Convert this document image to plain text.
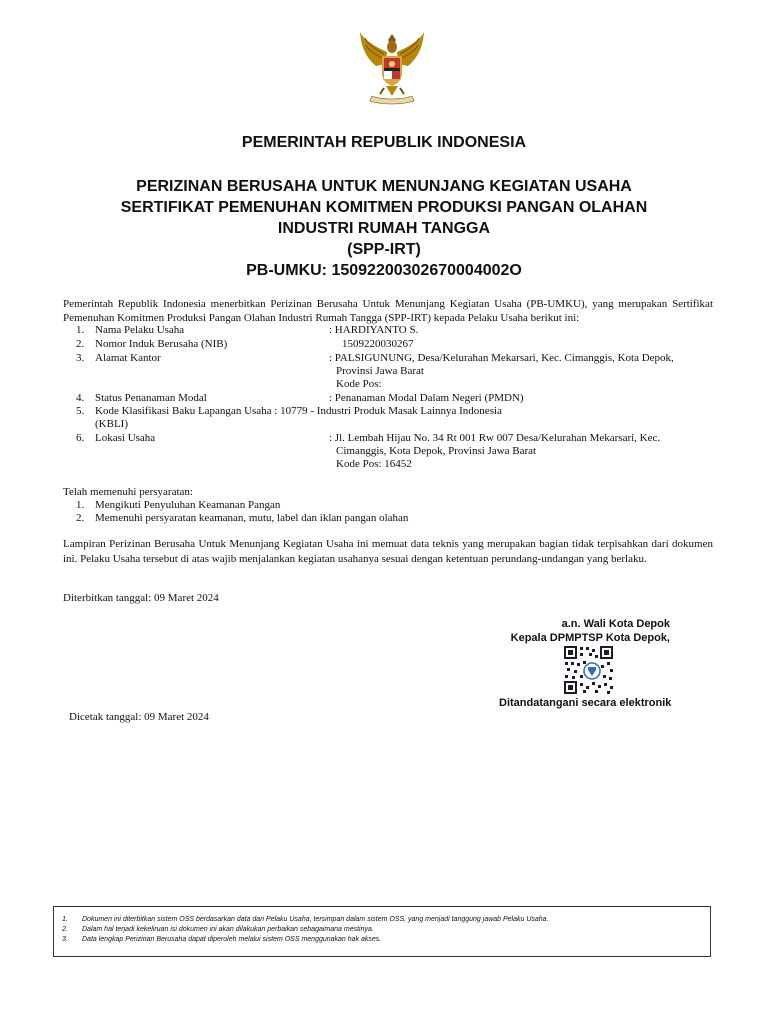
PEMERINTAH REPUBLIK INDONESIA
PERIZINAN BERUSAHA UNTUK MENUNJANG KEGIATAN USAHA
SERTIFIKAT PEMENUHAN KOMITMEN PRODUKSI PANGAN OLAHAN
INDUSTRI RUMAH TANGGA
(SPP-IRT)
PB-UMKU: 15092200302670004002O
Pemerintah Republik Indonesia menerbitkan Perizinan Berusaha Untuk Menunjang Kegiatan Usaha (PB-UMKU), yang merupakan Sertifikat Pemenuhan Komitmen Produksi Pangan Olahan Industri Rumah Tangga (SPP-IRT) kepada Pelaku Usaha berikut ini:
1. Nama Pelaku Usaha	: HARDIYANTO S.
2. Nomor Induk Berusaha (NIB)	1509220030267
3. Alamat Kantor	: PALSIGUNUNG, Desa/Kelurahan Mekarsari, Kec. Cimanggis, Kota Depok,
Provinsi Jawa Barat
Kode Pos:
4. Status Penanaman Modal	: Penanaman Modal Dalam Negeri (PMDN)
5. Kode Klasifikasi Baku Lapangan Usaha : 10779 - Industri Produk Masak Lainnya Indonesia
(KBLI)
6. Lokasi Usaha	: Jl. Lembah Hijau No. 34 Rt 001 Rw 007 Desa/Kelurahan Mekarsari, Kec.
Cimanggis, Kota Depok, Provinsi Jawa Barat
Kode Pos: 16452
Telah memenuhi persyaratan:
1. Mengikuti Penyuluhan Keamanan Pangan
2. Memenuhi persyaratan keamanan, mutu, label dan iklan pangan olahan
Lampiran Perizinan Berusaha Untuk Menunjang Kegiatan Usaha ini memuat data teknis yang merupakan bagian tidak terpisahkan dari dokumen ini. Pelaku Usaha tersebut di atas wajib menjalankan kegiatan usahanya sesuai dengan ketentuan perundang-undangan yang berlaku.
Diterbitkan tanggal: 09 Maret 2024
a.n. Wali Kota Depok
Kepala DPMPTSP Kota Depok,
Ditandatangani secara elektronik
Dicetak tanggal: 09 Maret 2024
1. Dokumen ini diterbitkan sistem OSS berdasarkan data dari Pelaku Usaha, tersimpan dalam sistem OSS, yang menjadi tanggung jawab Pelaku Usaha.
2. Dalam hal terjadi kekeliruan isi dokumen ini akan dilakukan perbaikan sebagaimana mestinya.
3. Data lengkap Perizinan Berusaha dapat diperoleh melalui sistem OSS menggunakan hak akses.
